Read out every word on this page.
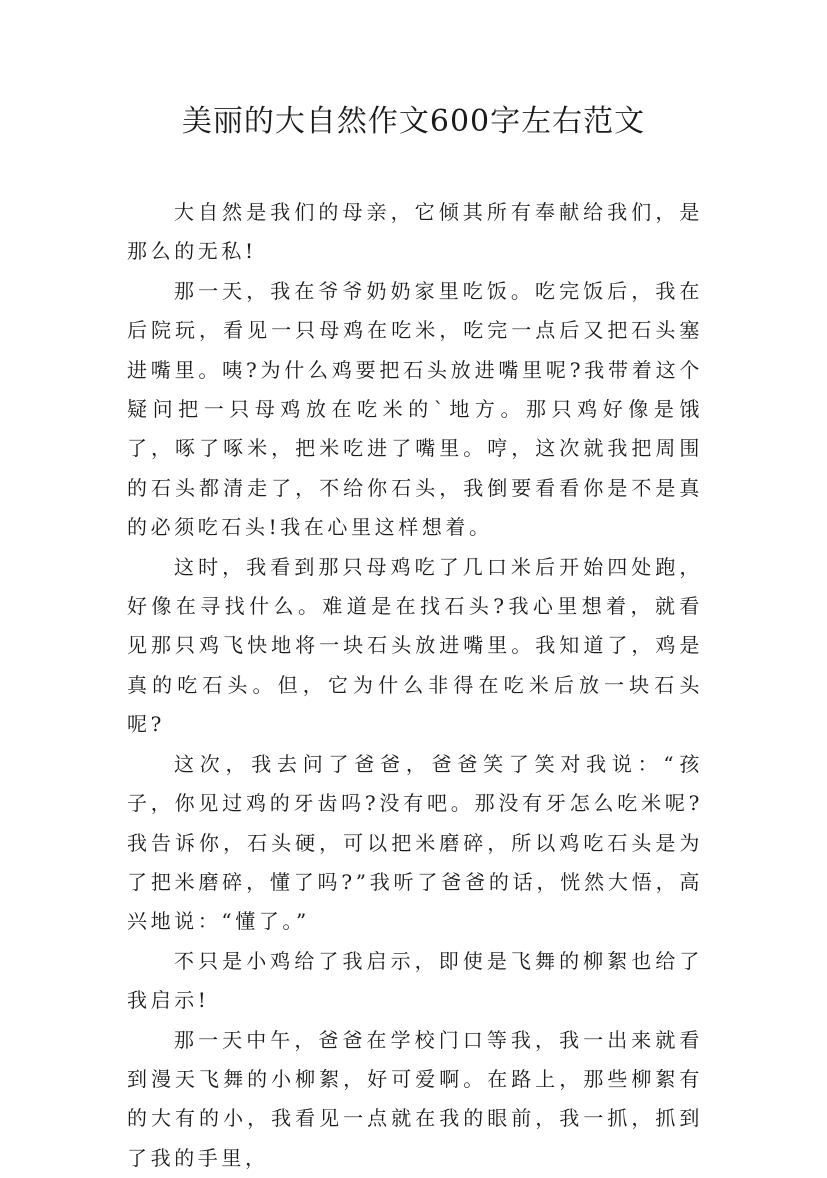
美丽的大自然作文600字左右范文

大自然是我们的母亲，它倾其所有奉献给我们，是那么的无私!

那一天，我在爷爷奶奶家里吃饭。吃完饭后，我在后院玩，看见一只母鸡在吃米，吃完一点后又把石头塞进嘴里。咦?为什么鸡要把石头放进嘴里呢?我带着这个疑问把一只母鸡放在吃米的`地方。那只鸡好像是饿了，啄了啄米，把米吃进了嘴里。哼，这次就我把周围的石头都清走了，不给你石头，我倒要看看你是不是真的必须吃石头!我在心里这样想着。

这时，我看到那只母鸡吃了几口米后开始四处跑，好像在寻找什么。难道是在找石头?我心里想着，就看见那只鸡飞快地将一块石头放进嘴里。我知道了，鸡是真的吃石头。但，它为什么非得在吃米后放一块石头呢?

这次，我去问了爸爸，爸爸笑了笑对我说：“孩子，你见过鸡的牙齿吗?没有吧。那没有牙怎么吃米呢?我告诉你，石头硬，可以把米磨碎，所以鸡吃石头是为了把米磨碎，懂了吗?”我听了爸爸的话，恍然大悟，高兴地说：“懂了。”

不只是小鸡给了我启示，即使是飞舞的柳絮也给了我启示!

那一天中午，爸爸在学校门口等我，我一出来就看到漫天飞舞的小柳絮，好可爱啊。在路上，那些柳絮有的大有的小，我看见一点就在我的眼前，我一抓，抓到了我的手里，
